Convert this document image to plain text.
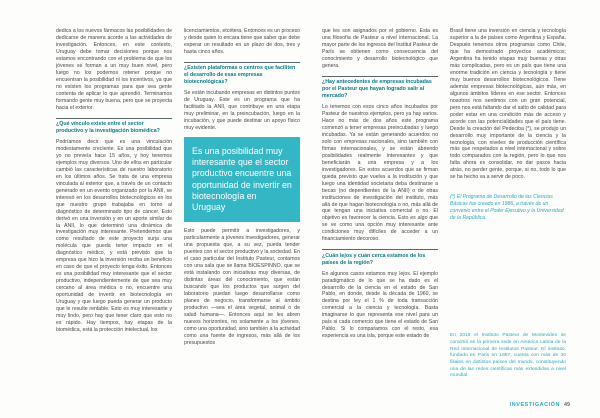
dedica a los nuevos fármacos las posibilidades de dedicarse de manera acorde a las actividades de investigación. Entonces, en este contexto, Uruguay debe tomar decisiones porque nos estamos encontrando con el problema de que los jóvenes se forman a un muy buen nivel, pero luego no los podemos retener porque no encuentran la posibilidad ni los incentivos, ya que no existen los programas para que sea gente contenta de aplicar lo que aprendió. Terminamos formando gente muy buena, pero que se proyecta hacia el exterior.

¿Qué vínculo existe entre el sector productivo y la investigación biomédica?

Podríamos decir que es una vinculación modestamente creciente. Es una posibilidad que yo no preveía hace 15 años, y hoy tenemos ejemplos muy diversos. Uno de ellos en particular cambió las características de nuestro laboratorio en los últimos años. Se trata de una empresa vinculada al exterior que, a través de un contacto generado en un evento organizado por la ANII, se interesó en los desarrollos biotecnológicos en los que nuestro grupo trabajaba en torno al diagnóstico de determinado tipo de cáncer. Esto derivó en una inversión y en un aporte similar de la ANII, lo que determinó una dinámica de investigación muy interesante. Pretendemos que como resultado de este proyecto surja una molécula que pueda tener impacto en el diagnóstico médico, y está previsto que la empresa que hizo la inversión reciba un beneficio en caso de que el proyecto tenga éxito. Entonces es una posibilidad muy interesante que el sector productivo, independientemente de que sea muy cercano al área médica o no, encuentre una oportunidad de invertir en biotecnología en Uruguay y que luego pueda generar un producto que le resulte rentable. Esto es muy interesante y muy lindo, pero hay que tener claro que esto no es rápido. Hay tiempos, hay etapas de la biomédica, está la protección intelectual, los

licenciamientos, etcétera. Entonces es un proceso y desde quien lo encara tiene que saber que debe esperar un resultado en un plazo de dos, tres y hasta cinco años.

¿Existen plataformas o centros que faciliten el desarrollo de esas empresas biotecnológicas?

Se están incubando empresas en distintos puntos de Uruguay. Este es un programa que ha facilitado la ANII, que contribuye en una etapa muy preliminar, en la preincubación, luego en la incubación, y que puede destinar un apoyo físico muy evidente.

Es una posibilidad muy interesante que el sector productivo encuentre una oportunidad de invertir en biotecnología en Uruguay

Esto puede permitir a investigadores, y particularmente a jóvenes investigadores, generar una propuesta que, a su vez, pueda tender puentes con el sector productivo y la sociedad. En el caso particular del Instituto Pasteur, contamos con una sala que se llama BIOESPINNO, que se está instalando con iniciativas muy diversas, de distintas áreas del conocimiento, que están buscando que los productos que surgen del laboratorio puedan luego desarrollarse como planes de negocio, transformarse al ámbito productivo —sea el área vegetal, animal o de salud humana—. Entonces aquí se les abren nuevos horizontes, no solamente a los jóvenes, como una oportunidad, sino también a la actividad como una fuente de ingresos, más allá de los presupuestos

que les son asignados por el gobierno. Esta es una filosofía de Pasteur a nivel internacional. La mayor parte de los ingresos del Institut Pasteur de París se obtienen como consecuencia del conocimiento y desarrollo biotecnológico que genera.

¿Hay antecedentes de empresas incubadas por el Pasteur que hayan logrado salir al mercado?

Lo tenemos con esos cinco años incubados por Pasteur de nuestros ejemplos, pero ya hay varios. Hace no más de dos años este programa comenzó a tener empresas preincubadas y luego incubadas. Ya se están generando acuerdos no solo con empresas nacionales, sino también con firmas internacionales, y se están abriendo posibilidades realmente interesantes y que beneficiarán a una empresa y a los investigadores. En estos acuerdos que se firman queda previsto que vuelva a la institución y que luego una identidad societaria deba destinarse a becas (no dependientes de la ANII) o de otras instituciones de investigación del instituto, más allá de que hagan biotecnología o no, más allá de que tengan una iniciativa comercial o no. El objetivo es favorecer la ciencia. Esto es algo que se ve como una opción muy interesante ante condiciones muy difíciles de acceder a un financiamiento decoroso.

¿Cuán lejos y cuán cerca estamos de los países de la región?

En algunos casos estamos muy lejos. El ejemplo paradigmático de lo que se ha dado es el desarrollo de la ciencia en el estado de San Pablo, en donde, desde la década de 1960, se destina por ley el 1 % de toda transacción comercial a la ciencia y tecnología. Basta imaginarse lo que representa ese nivel para un país si cada comercio que tiene el estado de San Pablo. Si lo comparamos con el resto, esa experiencia es una isla, porque este estado de

Brasil tiene una inversión en ciencia y tecnología superior a la de países como Argentina y España. Después tenemos otros programas como Chile, que ha demostrado proyectos académicos; Argentina ha tenido etapas muy buenas y otras más complicadas, pero es un país que tiene una enorme tradición en ciencia y tecnología y tiene muy buenos desarrollos biotecnológicos. Tiene además empresas biotecnológicas, aún más, en algunos ámbitos líderes en ese sector. Entonces nosotros nos sentimos con un gran potencial, pero nos está faltando dar el salto de calidad para poder estar en una condición más de acceso y acorde con las potencialidades que el país tiene. Desde la creación del Pedeciba (*), se produjo un desarrollo muy importante de la ciencia y la tecnología, con niveles de producción científica más que respetados a nivel internacional y sobre todo comparados con la región, pero lo que nos falta ahora es consolidar, no dar pasos hacia atrás, no perder gente, porque, si no, todo lo que se ha hecho va a servir de poco.

(*) El Programa de Desarrollo de las Ciencias Básicas fue creado en 1986, a través de un convenio entre el Poder Ejecutivo y la Universidad de la República.

En 2016 el Instituto Pasteur de Montevideo se convirtió en la primera sede en América Latina de la Red Internacional de Institutos Pasteur. El instituto, fundado en París en 1887, cuenta con más de 30 filiales en distintos países del mundo, constituyendo una de las redes científicas más extendidas a nivel mundial.

INVESTIGACIÓN 49
